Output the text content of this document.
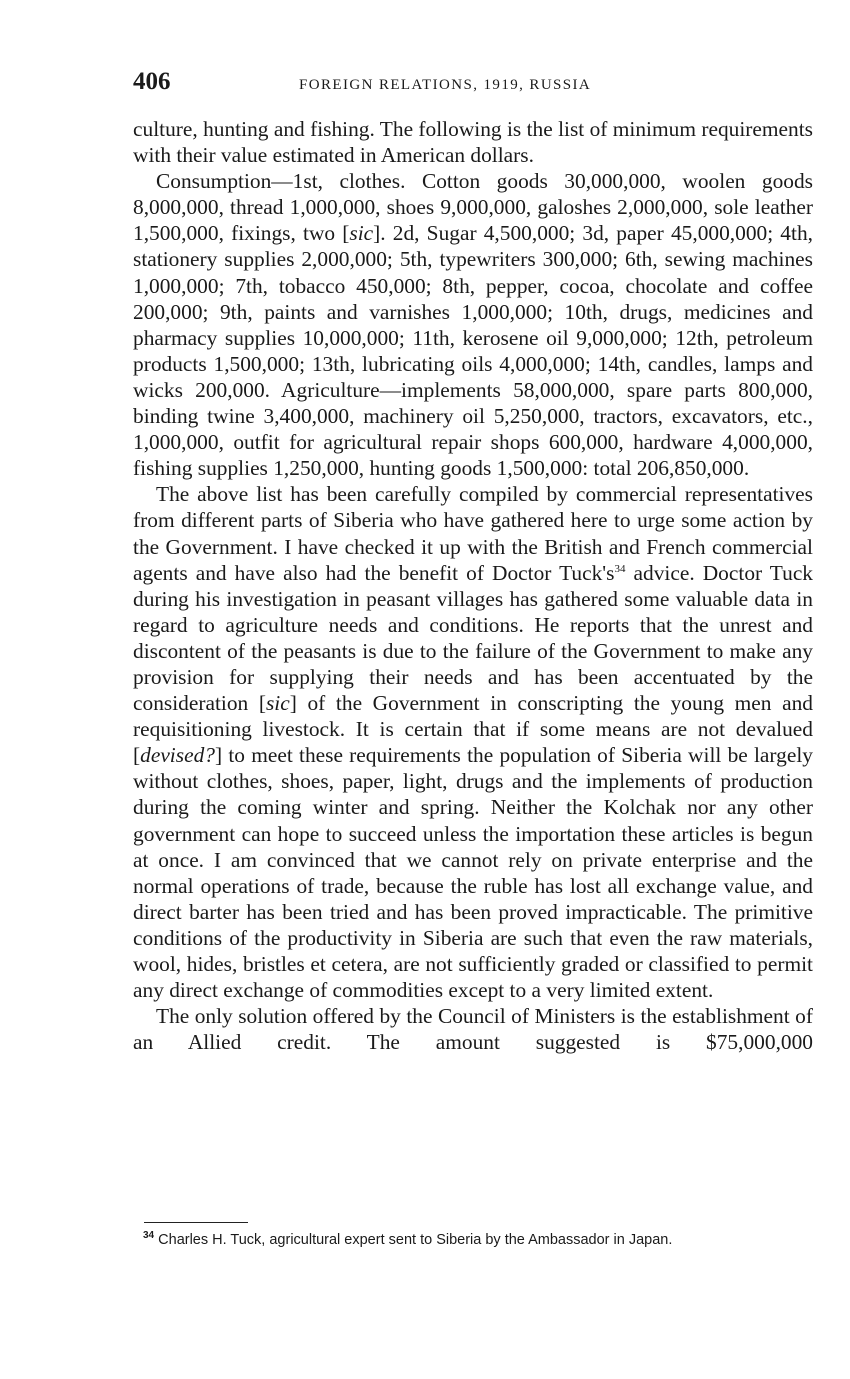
406	FOREIGN RELATIONS, 1919, RUSSIA

culture, hunting and fishing. The following is the list of minimum requirements with their value estimated in American dollars.

Consumption—1st, clothes. Cotton goods 30,000,000, woolen goods 8,000,000, thread 1,000,000, shoes 9,000,000, galoshes 2,000,000, sole leather 1,500,000, fixings, two [sic]. 2d, Sugar 4,500,000; 3d, paper 45,000,000; 4th, stationery supplies 2,000,000; 5th, typewriters 300,000; 6th, sewing machines 1,000,000; 7th, tobacco 450,000; 8th, pepper, cocoa, chocolate and coffee 200,000; 9th, paints and varnishes 1,000,000; 10th, drugs, medicines and pharmacy supplies 10,000,000; 11th, kerosene oil 9,000,000; 12th, petroleum products 1,500,000; 13th, lubricating oils 4,000,000; 14th, candles, lamps and wicks 200,000. Agriculture—implements 58,000,000, spare parts 800,000, binding twine 3,400,000, machinery oil 5,250,000, tractors, excavators, etc., 1,000,000, outfit for agricultural repair shops 600,000, hardware 4,000,000, fishing supplies 1,250,000, hunting goods 1,500,000: total 206,850,000.

The above list has been carefully compiled by commercial representatives from different parts of Siberia who have gathered here to urge some action by the Government. I have checked it up with the British and French commercial agents and have also had the benefit of Doctor $Tuck's^{34}$ advice. Doctor Tuck during his investigation in peasant villages has gathered some valuable data in regard to agriculture needs and conditions. He reports that the unrest and discontent of the peasants is due to the failure of the Government to make any provision for supplying their needs and has been accentuated by the consideration [sic] of the Government in conscripting the young men and requisitioning livestock. It is certain that if some means are not devalued [devised?] to meet these requirements the population of Siberia will be largely without clothes, shoes, paper, light, drugs and the implements of production during the coming winter and spring. Neither the Kolchak nor any other government can hope to succeed unless the importation these articles is begun at once. I am convinced that we cannot rely on private enterprise and the normal operations of trade, because the ruble has lost all exchange value, and direct barter has been tried and has been proved impracticable. The primitive conditions of the productivity in Siberia are such that even the raw materials, wool, hides, bristles et cetera, are not sufficiently graded or classified to permit any direct exchange of commodities except to a very limited extent.

The only solution offered by the Council of Ministers is the establishment of an Allied credit. The amount suggested is $75,000,000

$^{34}$ Charles H. Tuck, agricultural expert sent to Siberia by the Ambassador in Japan.
